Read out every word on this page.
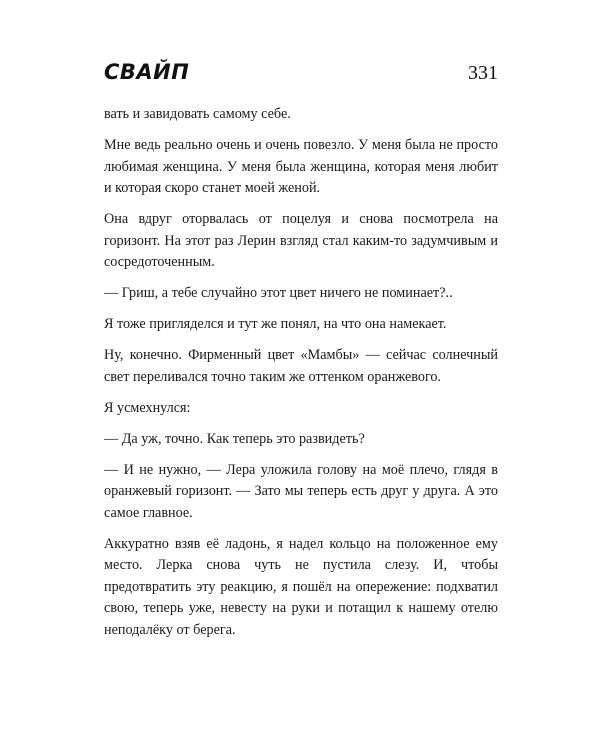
СВАЙП	331

вать и завидовать самому себе.

Мне ведь реально очень и очень повезло. У меня была не просто любимая женщина. У меня была женщина, которая меня любит и которая скоро станет моей женой.

Она вдруг оторвалась от поцелуя и снова посмотрела на горизонт. На этот раз Лерин взгляд стал каким-то задумчивым и сосредоточенным.

— Гриш, а тебе случайно этот цвет ничего не поминает?..

Я тоже пригляделся и тут же понял, на что она намекает.

Ну, конечно. Фирменный цвет «Мамбы» — сейчас солнечный свет переливался точно таким же оттенком оранжевого.

Я усмехнулся:

— Да уж, точно. Как теперь это развидеть?

— И не нужно, — Лера уложила голову на моё плечо, глядя в оранжевый горизонт. — Зато мы теперь есть друг у друга. А это самое главное.

Аккуратно взяв её ладонь, я надел кольцо на положенное ему место. Лерка снова чуть не пустила слезу. И, чтобы предотвратить эту реакцию, я пошёл на опережение: подхватил свою, теперь уже, невесту на руки и потащил к нашему отелю неподалёку от берега.
